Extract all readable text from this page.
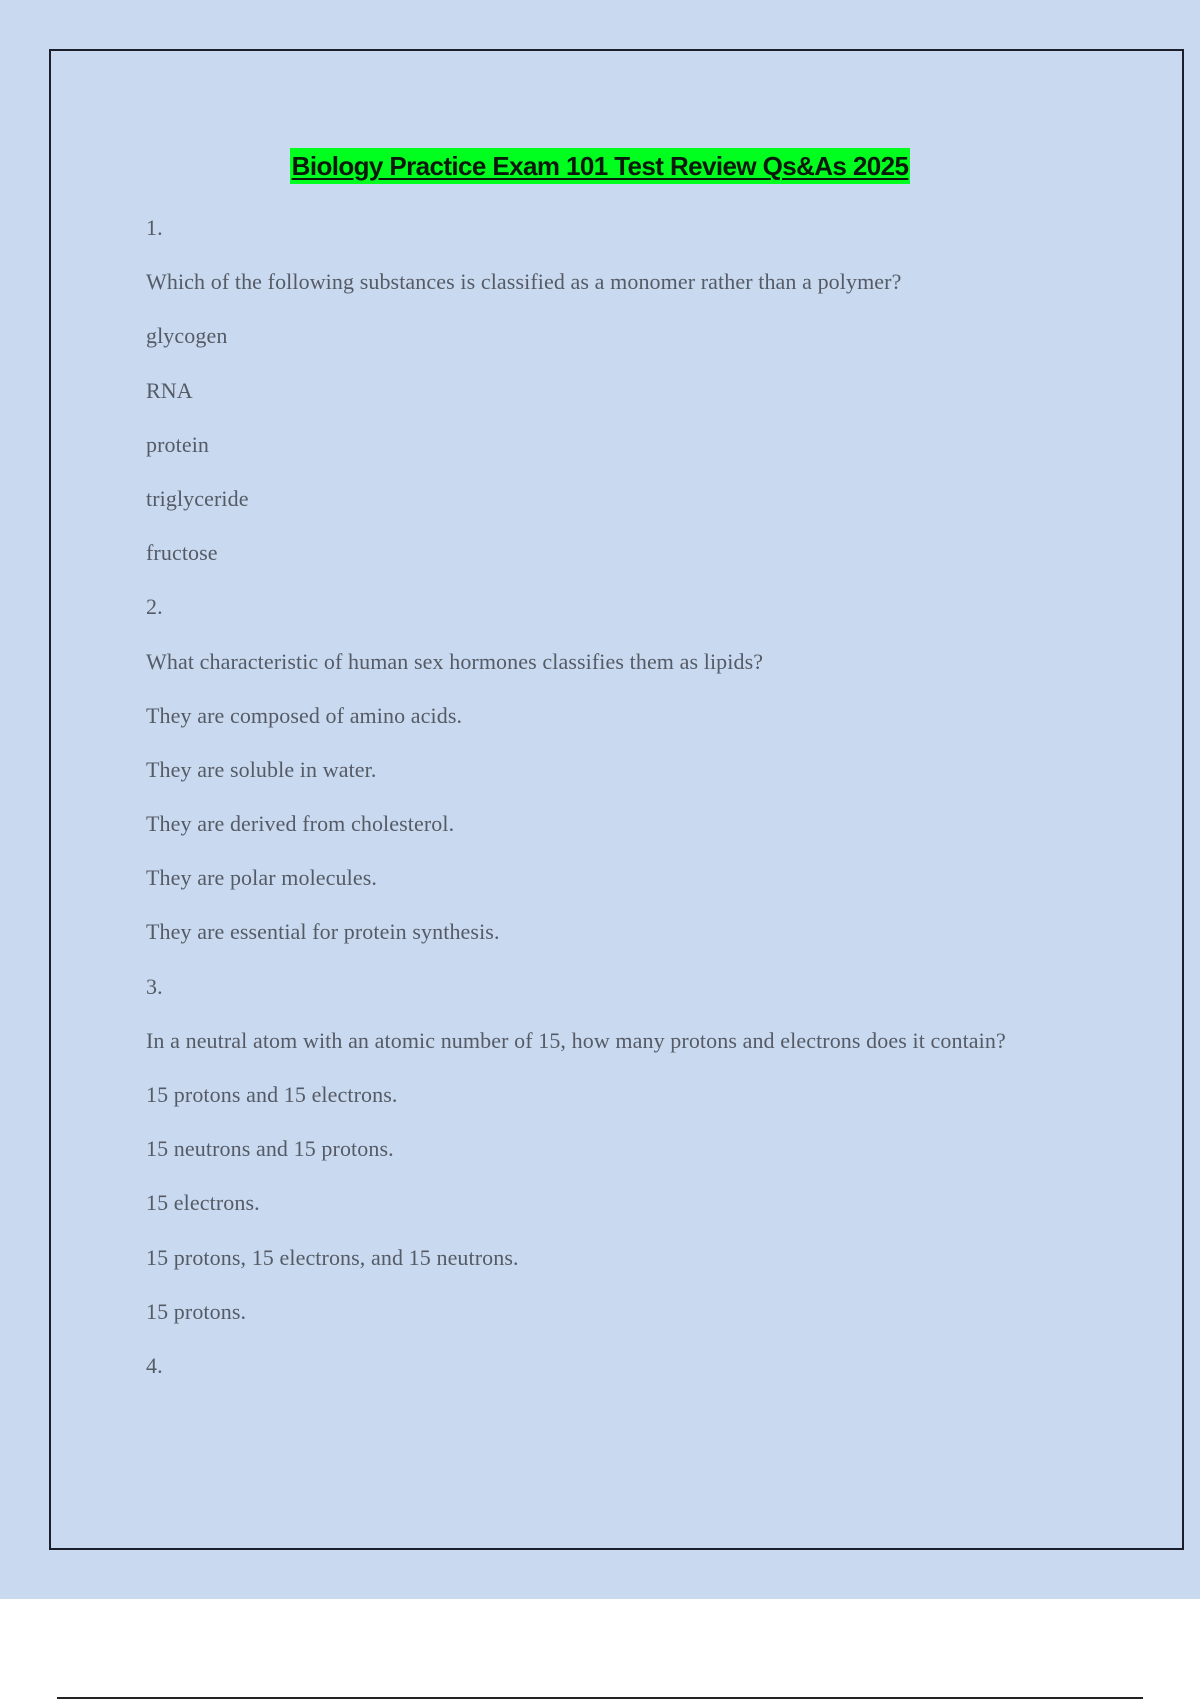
Biology Practice Exam 101 Test Review Qs&As 2025
1.
Which of the following substances is classified as a monomer rather than a polymer?
glycogen
RNA
protein
triglyceride
fructose
2.
What characteristic of human sex hormones classifies them as lipids?
They are composed of amino acids.
They are soluble in water.
They are derived from cholesterol.
They are polar molecules.
They are essential for protein synthesis.
3.
In a neutral atom with an atomic number of 15, how many protons and electrons does it contain?
15 protons and 15 electrons.
15 neutrons and 15 protons.
15 electrons.
15 protons, 15 electrons, and 15 neutrons.
15 protons.
4.
